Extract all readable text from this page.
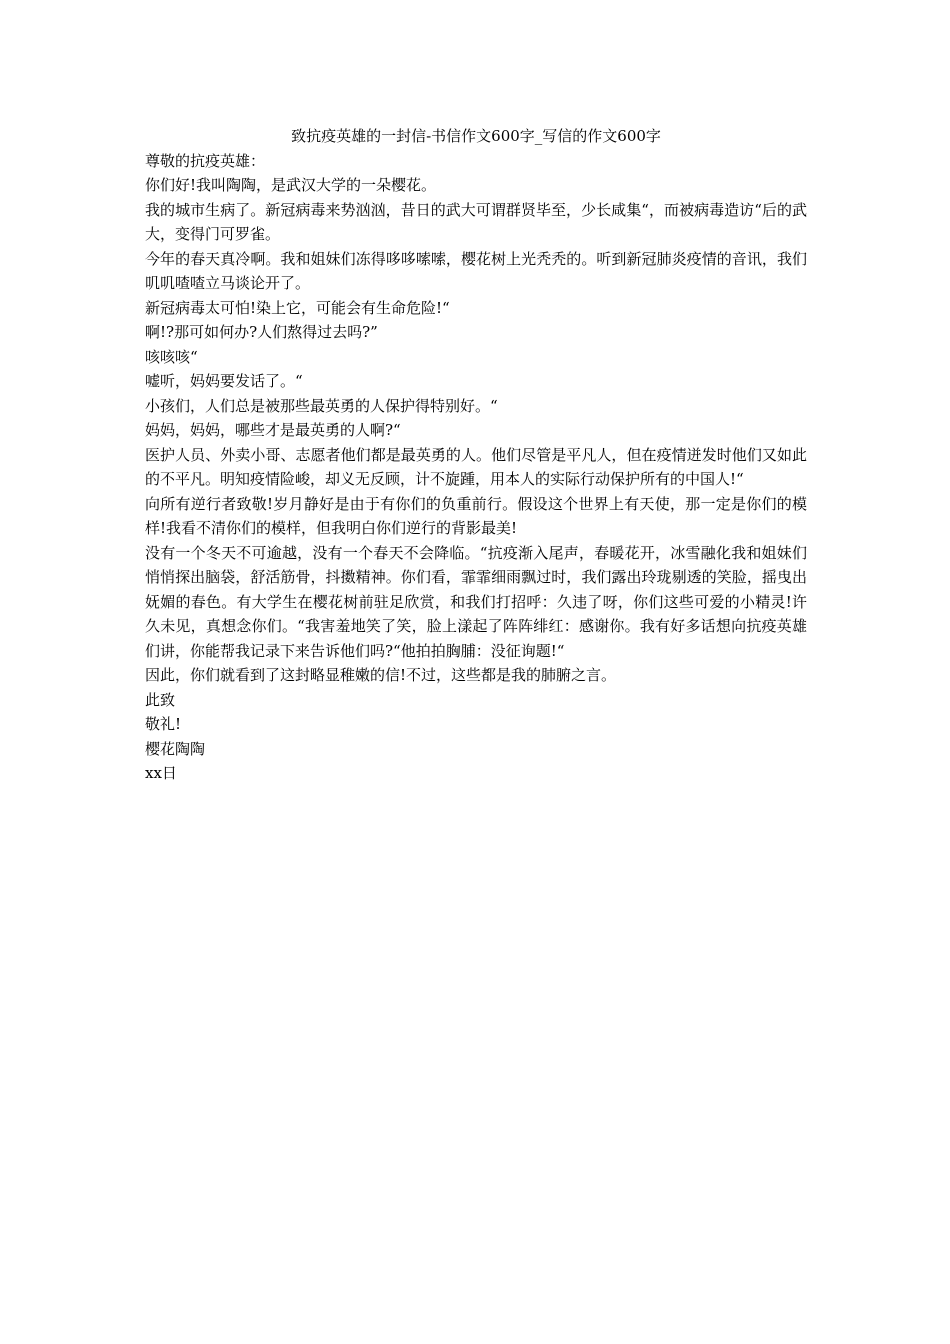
致抗疫英雄的一封信-书信作文600字_写信的作文600字

尊敬的抗疫英雄：

你们好!我叫陶陶，是武汉大学的一朵樱花。

我的城市生病了。新冠病毒来势汹汹，昔日的武大可谓群贤毕至，少长咸集“，而被病毒造访“后的武大，变得门可罗雀。

今年的春天真冷啊。我和姐妹们冻得哆哆嗦嗦，樱花树上光秃秃的。听到新冠肺炎疫情的音讯，我们叽叽喳喳立马谈论开了。

新冠病毒太可怕!染上它，可能会有生命危险!“

啊!?那可如何办?人们熬得过去吗?”

咳咳咳“

嘘听，妈妈要发话了。“

小孩们，人们总是被那些最英勇的人保护得特别好。“

妈妈，妈妈，哪些才是最英勇的人啊?“

医护人员、外卖小哥、志愿者他们都是最英勇的人。他们尽管是平凡人，但在疫情迸发时他们又如此的不平凡。明知疫情险峻，却义无反顾，计不旋踵，用本人的实际行动保护所有的中国人!“

向所有逆行者致敬!岁月静好是由于有你们的负重前行。假设这个世界上有天使，那一定是你们的模样!我看不清你们的模样，但我明白你们逆行的背影最美!

没有一个冬天不可逾越，没有一个春天不会降临。“抗疫渐入尾声，春暖花开，冰雪融化我和姐妹们悄悄探出脑袋，舒活筋骨，抖擞精神。你们看，霏霏细雨飘过时，我们露出玲珑剔透的笑脸，摇曳出妩媚的春色。有大学生在樱花树前驻足欣赏，和我们打招呼：久违了呀，你们这些可爱的小精灵!许久未见，真想念你们。“我害羞地笑了笑，脸上漾起了阵阵绯红：感谢你。我有好多话想向抗疫英雄们讲，你能帮我记录下来告诉他们吗?“他拍拍胸脯：没征询题!“

因此，你们就看到了这封略显稚嫩的信!不过，这些都是我的肺腑之言。

此致

敬礼!

樱花陶陶

xx日
